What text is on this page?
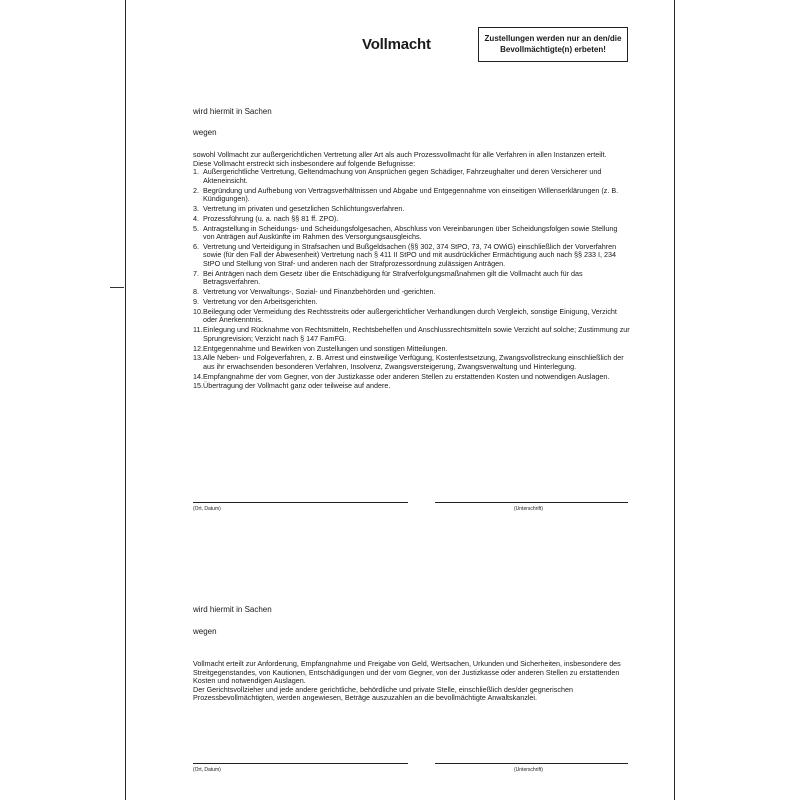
Vollmacht	Zustellungen werden nur an den/die
Bevollmächtigte(n) erbeten!
wird hiermit in Sachen
wegen

sowohl Vollmacht zur außergerichtlichen Vertretung aller Art als auch Prozessvollmacht für alle Verfahren in allen Instanzen erteilt.

Diese Vollmacht erstreckt sich insbesondere auf folgende Befugnisse:

1. Außergerichtliche Vertretung, Geltendmachung von Ansprüchen gegen Schädiger, Fahrzeughalter und deren Versicherer und Akteneinsicht.
2. Begründung und Aufhebung von Vertragsverhältnissen und Abgabe und Entgegennahme von einseitigen Willenserklärungen (z. B. Kündigungen).
3. Vertretung im privaten und gesetzlichen Schlichtungsverfahren.
4. Prozessführung (u. a. nach §§ 81 ff. ZPO).
5. Antragstellung in Scheidungs- und Scheidungsfolgesachen, Abschluss von Vereinbarungen über Scheidungsfolgen sowie Stellung von Anträgen auf Auskünfte im Rahmen des Versorgungsausgleichs.
6. Vertretung und Verteidigung in Strafsachen und Bußgeldsachen (§§ 302, 374 StPO, 73, 74 OWiG) einschließlich der Vorverfahren sowie (für den Fall der Abwesenheit) Vertretung nach § 411 II StPO und mit ausdrücklicher Ermächtigung auch nach §§ 233 I, 234 StPO und Stellung von Straf- und anderen nach der Strafprozessordnung zulässigen Anträgen.
7. Bei Anträgen nach dem Gesetz über die Entschädigung für Strafverfolgungsmaßnahmen gilt die Vollmacht auch für das Betragsverfahren.
8. Vertretung vor Verwaltungs-, Sozial- und Finanzbehörden und -gerichten.
9. Vertretung vor den Arbeitsgerichten.
10. Beilegung oder Vermeidung des Rechtsstreits oder außergerichtlicher Verhandlungen durch Vergleich, sonstige Einigung, Verzicht oder Anerkenntnis.
11. Einlegung und Rücknahme von Rechtsmitteln, Rechtsbehelfen und Anschlussrechtsmitteln sowie Verzicht auf solche; Zustimmung zur Sprungrevision; Verzicht nach § 147 FamFG.
12. Entgegennahme und Bewirken von Zustellungen und sonstigen Mitteilungen.
13. Alle Neben- und Folgeverfahren, z. B. Arrest und einstweilige Verfügung, Kostenfestsetzung, Zwangsvollstreckung einschließlich der aus ihr erwachsenden besonderen Verfahren, Insolvenz, Zwangsversteigerung, Zwangsverwaltung und Hinterlegung.
14. Empfangnahme der vom Gegner, von der Justizkasse oder anderen Stellen zu erstattenden Kosten und notwendigen Auslagen.
15. Übertragung der Vollmacht ganz oder teilweise auf andere.
(Ort, Datum)	(Unterschrift)
wird hiermit in Sachen
wegen

Vollmacht erteilt zur Anforderung, Empfangnahme und Freigabe von Geld, Wertsachen, Urkunden und Sicherheiten, insbesondere des Streitgegenstandes, von Kautionen, Entschädigungen und der vom Gegner, von der Justizkasse oder anderen Stellen zu erstattenden Kosten und notwendigen Auslagen.

Der Gerichtsvollzieher und jede andere gerichtliche, behördliche und private Stelle, einschließlich des/der gegnerischen Prozessbevollmächtigten, werden angewiesen, Beträge auszuzahlen an die bevollmächtigte Anwaltskanzlei.

(Ort, Datum)	(Unterschrift)
